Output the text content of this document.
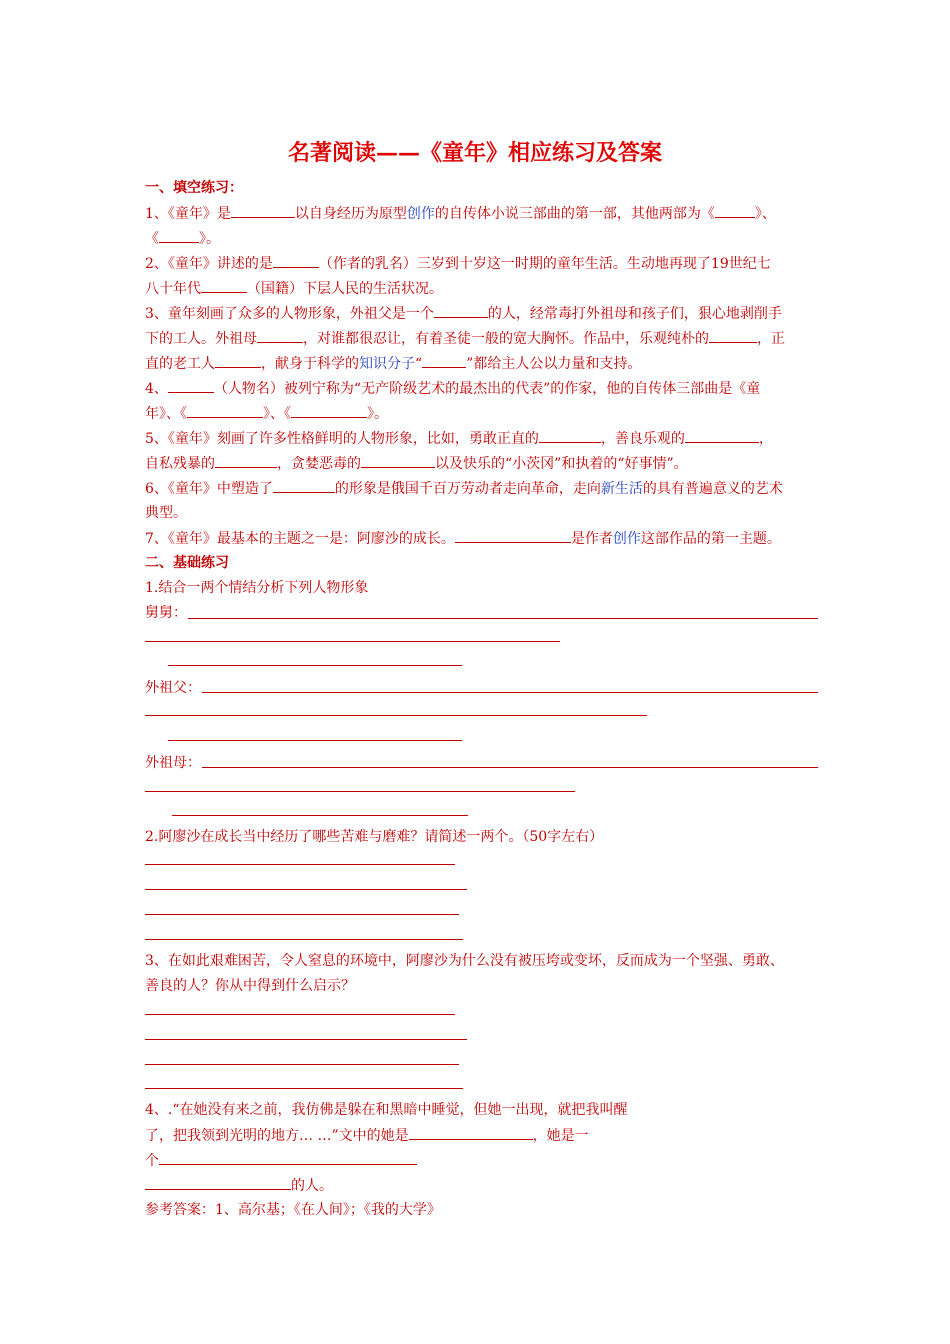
名著阅读——《童年》相应练习及答案
一、填空练习：
1、《童年》是	以自身经历为原型创作的自传体小说三部曲的第一部，其他两部为《	》、
《	》。
2、《童年》讲述的是	（作者的乳名）三岁到十岁这一时期的童年生活。生动地再现了19世纪七
八十年代	（国籍）下层人民的生活状况。
3、童年刻画了众多的人物形象，外祖父是一个	的人，经常毒打外祖母和孩子们，狠心地剥削手
下的工人。外祖母	，对谁都很忍让，有着圣徒一般的宽大胸怀。作品中，乐观纯朴的	，正
直的老工人	，献身于科学的知识分子“	”都给主人公以力量和支持。
4、	（人物名）被列宁称为“无产阶级艺术的最杰出的代表”的作家，他的自传体三部曲是《童
年》、《	》、《	》。
5、《童年》刻画了许多性格鲜明的人物形象，比如，勇敢正直的	，善良乐观的	，
自私残暴的	，贪婪恶毒的	以及快乐的“小茨冈”和执着的“好事情”。
6、《童年》中塑造了	的形象是俄国千百万劳动者走向革命，走向新生活的具有普遍意义的艺术
典型。
7、《童年》最基本的主题之一是：阿廖沙的成长。	是作者创作这部作品的第一主题。
二、基础练习
1.结合一两个情结分析下列人物形象
舅舅：
外祖父：
外祖母：
2.阿廖沙在成长当中经历了哪些苦难与磨难？请简述一两个。（50字左右）
3、在如此艰难困苦，令人窒息的环境中，阿廖沙为什么没有被压垮或变坏，反而成为一个坚强、勇敢、
善良的人？你从中得到什么启示？
4、.“在她没有来之前，我仿佛是躲在和黑暗中睡觉，但她一出现，就把我叫醒
了，把我领到光明的地方… …”文中的她是	，她是一
个
的人。
参考答案：1、高尔基；《在人间》；《我的大学》
